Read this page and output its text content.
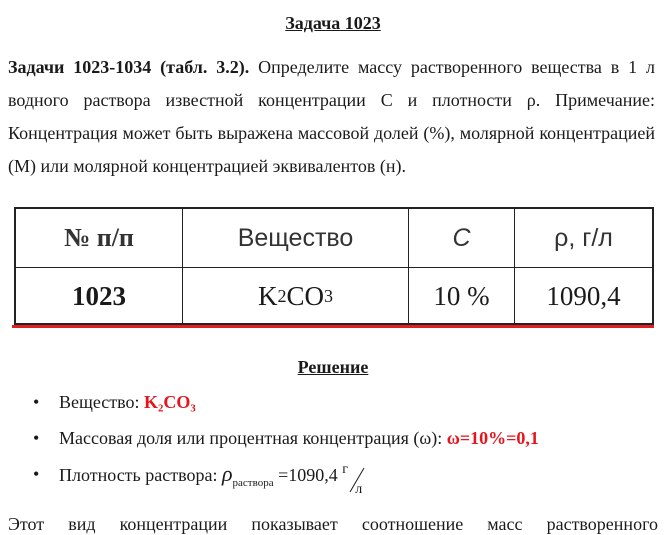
Задача 1023
Задачи 1023-1034 (табл. 3.2). Определите массу растворенного вещества в 1 л водного раствора известной концентрации С и плотности ρ. Примечание: Концентрация может быть выражена массовой долей (%), молярной концентрацией (М) или молярной концентрацией эквивалентов (н).
№ п/п	Вещество	C	ρ, г/л
1023	K 2 CO 3	10 %	1090,4
Решение
• Вещество: K₂CO₃
• Массовая доля или процентная концентрация (ω): ω=10%=0,1
• Плотность раствора: $\rho_{раствора} =1090,4$ г
л
Этот вид концентрации показывает соотношение масс растворенного
